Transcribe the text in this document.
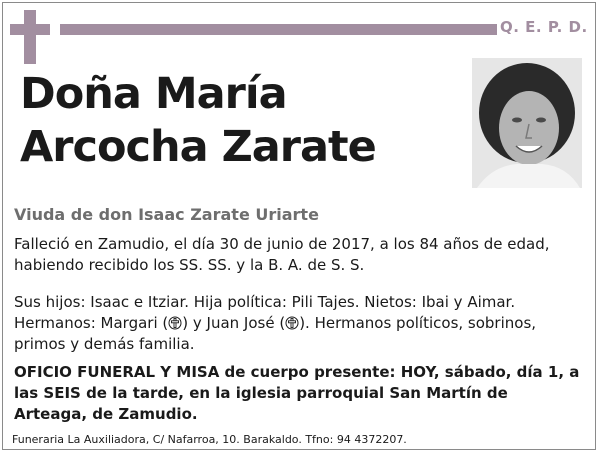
Q. E. P. D.
Doña María
Arcocha Zarate
Viuda de don Isaac Zarate Uriarte
Falleció en Zamudio, el día 30 de junio de 2017, a los 84 años de edad, habiendo recibido los SS. SS. y la B. A. de S. S.
Sus hijos: Isaac e Itziar. Hija política: Pili Tajes. Nietos: Ibai y Aimar. Hermanos: Margari ( ) y Juan José ( ). Hermanos políticos, sobrinos, primos y demás familia.
OFICIO FUNERAL Y MISA de cuerpo presente: HOY, sábado, día 1, a las SEIS de la tarde, en la iglesia parroquial San Martín de Arteaga, de Zamudio.
Funeraria La Auxiliadora, C/ Nafarroa, 10. Barakaldo. Tfno: 94 4372207.
